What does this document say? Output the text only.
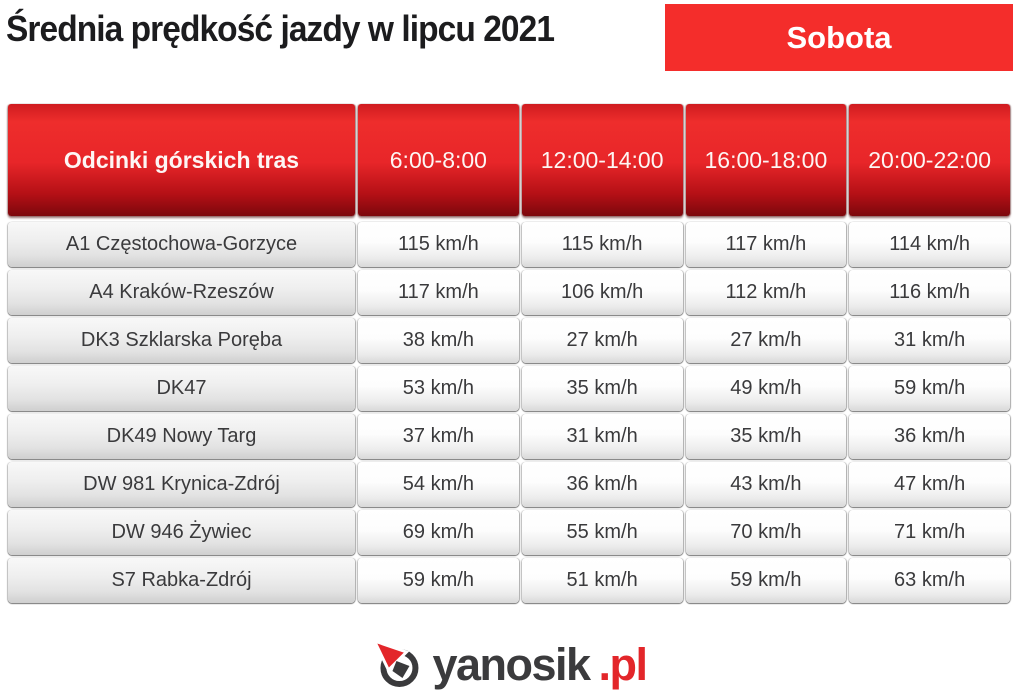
Średnia prędkość jazdy w lipcu 2021	Sobota
Odcinki górskich tras	6:00-8:00	12:00-14:00	16:00-18:00	20:00-22:00
A1 Częstochowa-Gorzyce	115 km/h	115 km/h	117 km/h	114 km/h
A4 Kraków-Rzeszów	117 km/h	106 km/h	112 km/h	116 km/h
DK3 Szklarska Poręba	38 km/h	27 km/h	27 km/h	31 km/h
DK47	53 km/h	35 km/h	49 km/h	59 km/h
DK49 Nowy Targ	37 km/h	31 km/h	35 km/h	36 km/h
DW 981 Krynica-Zdrój	54 km/h	36 km/h	43 km/h	47 km/h
DW 946 Żywiec	69 km/h	55 km/h	70 km/h	71 km/h
S7 Rabka-Zdrój	59 km/h	51 km/h	59 km/h	63 km/h
yanosik .pl
